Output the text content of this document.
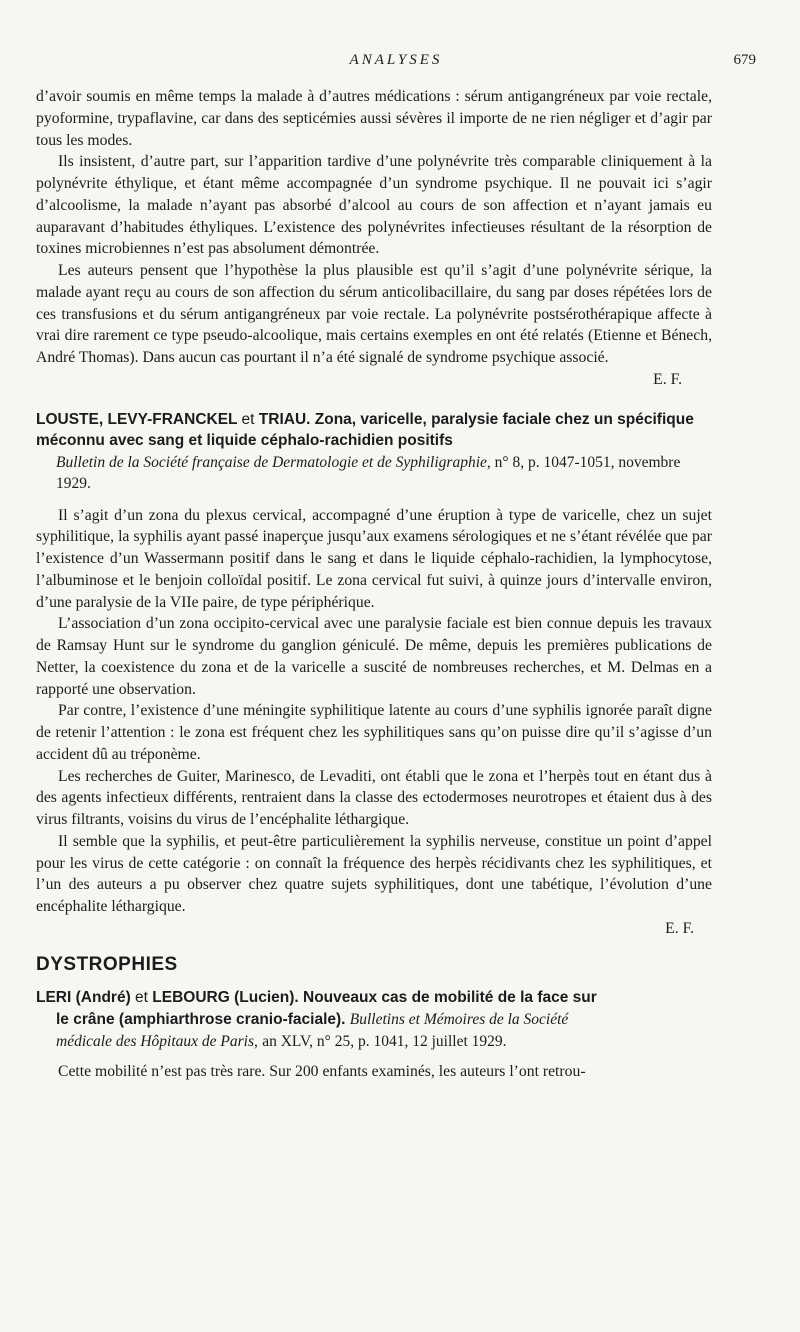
ANALYSES	679

d’avoir soumis en même temps la malade à d’autres médications : sérum antigangréneux par voie rectale, pyoformine, trypaflavine, car dans des septicémies aussi sévères il importe de ne rien négliger et d’agir par tous les modes.

Ils insistent, d’autre part, sur l’apparition tardive d’une polynévrite très comparable cliniquement à la polynévrite éthylique, et étant même accompagnée d’un syndrome psychique. Il ne pouvait ici s’agir d’alcoolisme, la malade n’ayant pas absorbé d’alcool au cours de son affection et n’ayant jamais eu auparavant d’habitudes éthyliques. L’existence des polynévrites infectieuses résultant de la résorption de toxines microbiennes n’est pas absolument démontrée.

Les auteurs pensent que l’hypothèse la plus plausible est qu’il s’agit d’une polynévrite sérique, la malade ayant reçu au cours de son affection du sérum anticolibacillaire, du sang par doses répétées lors de ces transfusions et du sérum antigangréneux par voie rectale. La polynévrite postsérothérapique affecte à vrai dire rarement ce type pseudo-alcoolique, mais certains exemples en ont été relatés (Etienne et Bénech, André Thomas). Dans aucun cas pourtant il n’a été signalé de syndrome psychique associé.

E. F.
LOUSTE, LEVY-FRANCKEL et TRIAU. Zona, varicelle, paralysie faciale chez un spécifique méconnu avec sang et liquide céphalo-rachidien positifs
Bulletin de la Société française de Dermatologie et de Syphiligraphie, n° 8, p. 1047-1051, novembre 1929.

Il s’agit d’un zona du plexus cervical, accompagné d’une éruption à type de varicelle, chez un sujet syphilitique, la syphilis ayant passé inaperçue jusqu’aux examens sérologiques et ne s’étant révélée que par l’existence d’un Wassermann positif dans le sang et dans le liquide céphalo-rachidien, la lymphocytose, l’albuminose et le benjoin colloïdal positif. Le zona cervical fut suivi, à quinze jours d’intervalle environ, d’une paralysie de la VIIe paire, de type périphérique.

L’association d’un zona occipito-cervical avec une paralysie faciale est bien connue depuis les travaux de Ramsay Hunt sur le syndrome du ganglion géniculé. De même, depuis les premières publications de Netter, la coexistence du zona et de la varicelle a suscité de nombreuses recherches, et M. Delmas en a rapporté une observation.

Par contre, l’existence d’une méningite syphilitique latente au cours d’une syphilis ignorée paraît digne de retenir l’attention : le zona est fréquent chez les syphilitiques sans qu’on puisse dire qu’il s’agisse d’un accident dû au tréponème.

Les recherches de Guiter, Marinesco, de Levaditi, ont établi que le zona et l’herpès tout en étant dus à des agents infectieux différents, rentraient dans la classe des ectodermoses neurotropes et étaient dus à des virus filtrants, voisins du virus de l’encéphalite léthargique.

Il semble que la syphilis, et peut-être particulièrement la syphilis nerveuse, constitue un point d’appel pour les virus de cette catégorie : on connaît la fréquence des herpès récidivants chez les syphilitiques, et l’un des auteurs a pu observer chez quatre sujets syphilitiques, dont une tabétique, l’évolution d’une encéphalite léthargique.

E. F.
DYSTROPHIES
LERI (André) et LEBOURG (Lucien). Nouveaux cas de mobilité de la face sur
le crâne (amphiarthrose cranio-faciale). Bulletins et Mémoires de la Société
médicale des Hôpitaux de Paris, an XLV, n° 25, p. 1041, 12 juillet 1929.

Cette mobilité n’est pas très rare. Sur 200 enfants examinés, les auteurs l’ont retrou-
